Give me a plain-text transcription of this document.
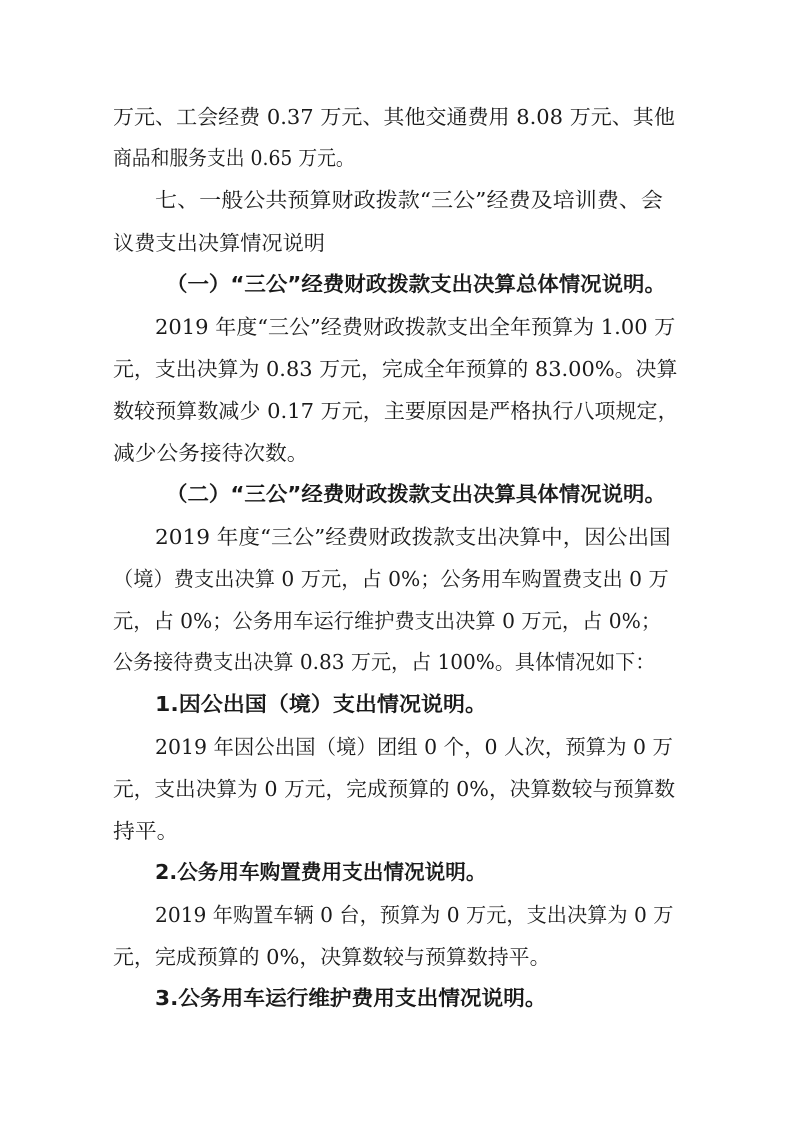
万元、工会经费 0.37 万元、其他交通费用 8.08 万元、其他
商品和服务支出 0.65 万元。
七、一般公共预算财政拨款“三公”经费及培训费、会
议费支出决算情况说明
（一）“三公”经费财政拨款支出决算总体情况说明。
2019 年度“三公”经费财政拨款支出全年预算为 1.00 万
元，支出决算为 0.83 万元，完成全年预算的 83.00%。决算
数较预算数减少 0.17 万元，主要原因是严格执行八项规定，
减少公务接待次数。
（二）“三公”经费财政拨款支出决算具体情况说明。
2019 年度“三公”经费财政拨款支出决算中，因公出国
（境）费支出决算 0 万元，占 0%；公务用车购置费支出 0 万
元，占 0%；公务用车运行维护费支出决算 0 万元，占 0%；
公务接待费支出决算 0.83 万元，占 100%。具体情况如下：
1.因公出国（境）支出情况说明。
2019 年因公出国（境）团组 0 个，0 人次，预算为 0 万
元，支出决算为 0 万元，完成预算的 0%，决算数较与预算数
持平。
2.公务用车购置费用支出情况说明。
2019 年购置车辆 0 台，预算为 0 万元，支出决算为 0 万
元，完成预算的 0%，决算数较与预算数持平。
3.公务用车运行维护费用支出情况说明。
